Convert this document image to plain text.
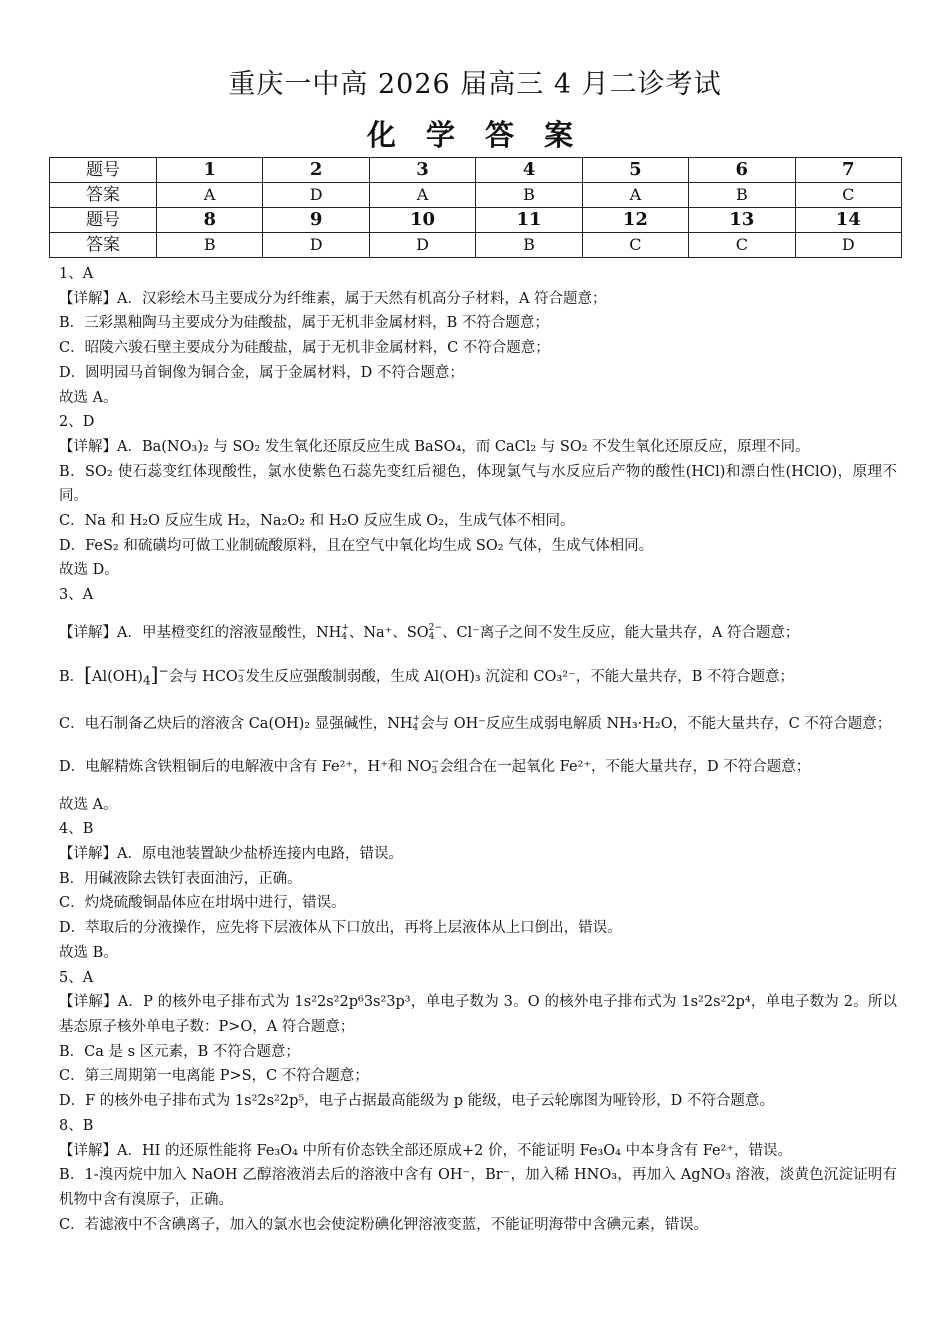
重庆一中高 2026 届高三 4 月二诊考试
化 学 答 案
题号	1	2	3	4	5	6	7
答案	A	D	A	B	A	B	C
题号	8	9	10	11	12	13	14
答案	B	D	D	B	C	C	D

1、A

【详解】A．汉彩绘木马主要成分为纤维素，属于天然有机高分子材料，A 符合题意；

B．三彩黑釉陶马主要成分为硅酸盐，属于无机非金属材料，B 不符合题意；

C．昭陵六骏石壁主要成分为硅酸盐，属于无机非金属材料，C 不符合题意；

D．圆明园马首铜像为铜合金，属于金属材料，D 不符合题意；

故选 A。

2、D

【详解】A．Ba(NO₃)₂ 与 SO₂ 发生氧化还原反应生成 BaSO₄，而 CaCl₂ 与 SO₂ 不发生氧化还原反应，原理不同。

B．SO₂ 使石蕊变红体现酸性，氯水使紫色石蕊先变红后褪色，体现氯气与水反应后产物的酸性(HCl)和漂白性(HClO)，原理不同。

C．Na 和 H₂O 反应生成 H₂，Na₂O₂ 和 H₂O 反应生成 O₂，生成气体不相同。

D．FeS₂ 和硫磺均可做工业制硫酸原料，且在空气中氧化均生成 SO₂ 气体，生成气体相同。

故选 D。

3、A

【详解】A．甲基橙变红的溶液显酸性，NH +
4 、Na⁺、SO 2−
4 、Cl⁻离子之间不发生反应，能大量共存，A 符合题意；

B．$[Al(OH)_4]^-$会与 HCO −
3 发生反应强酸制弱酸，生成 Al(OH)₃ 沉淀和 CO₃²⁻，不能大量共存，B 不符合题意；

C．电石制备乙炔后的溶液含 Ca(OH)₂ 显强碱性，NH +
4 会与 OH⁻反应生成弱电解质 NH₃·H₂O，不能大量共存，C 不符合题意；

D．电解精炼含铁粗铜后的电解液中含有 Fe²⁺，H⁺和 NO −
3 会组合在一起氧化 Fe²⁺，不能大量共存，D 不符合题意；

故选 A。

4、B

【详解】A．原电池装置缺少盐桥连接内电路，错误。

B．用碱液除去铁钉表面油污，正确。

C．灼烧硫酸铜晶体应在坩埚中进行，错误。

D．萃取后的分液操作，应先将下层液体从下口放出，再将上层液体从上口倒出，错误。

故选 B。

5、A

【详解】A．P 的核外电子排布式为 1s²2s²2p⁶3s²3p³，单电子数为 3。O 的核外电子排布式为 1s²2s²2p⁴，单电子数为 2。所以基态原子核外单电子数：P>O，A 符合题意；

B．Ca 是 s 区元素，B 不符合题意；

C．第三周期第一电离能 P>S，C 不符合题意；

D．F 的核外电子排布式为 1s²2s²2p⁵，电子占据最高能级为 p 能级，电子云轮廓图为哑铃形，D 不符合题意。

8、B

【详解】A．HI 的还原性能将 Fe₃O₄ 中所有价态铁全部还原成+2 价，不能证明 Fe₃O₄ 中本身含有 Fe²⁺，错误。

B．1-溴丙烷中加入 NaOH 乙醇溶液消去后的溶液中含有 OH⁻，Br⁻，加入稀 HNO₃，再加入 AgNO₃ 溶液，淡黄色沉淀证明有机物中含有溴原子，正确。

C．若滤液中不含碘离子，加入的氯水也会使淀粉碘化钾溶液变蓝，不能证明海带中含碘元素，错误。
